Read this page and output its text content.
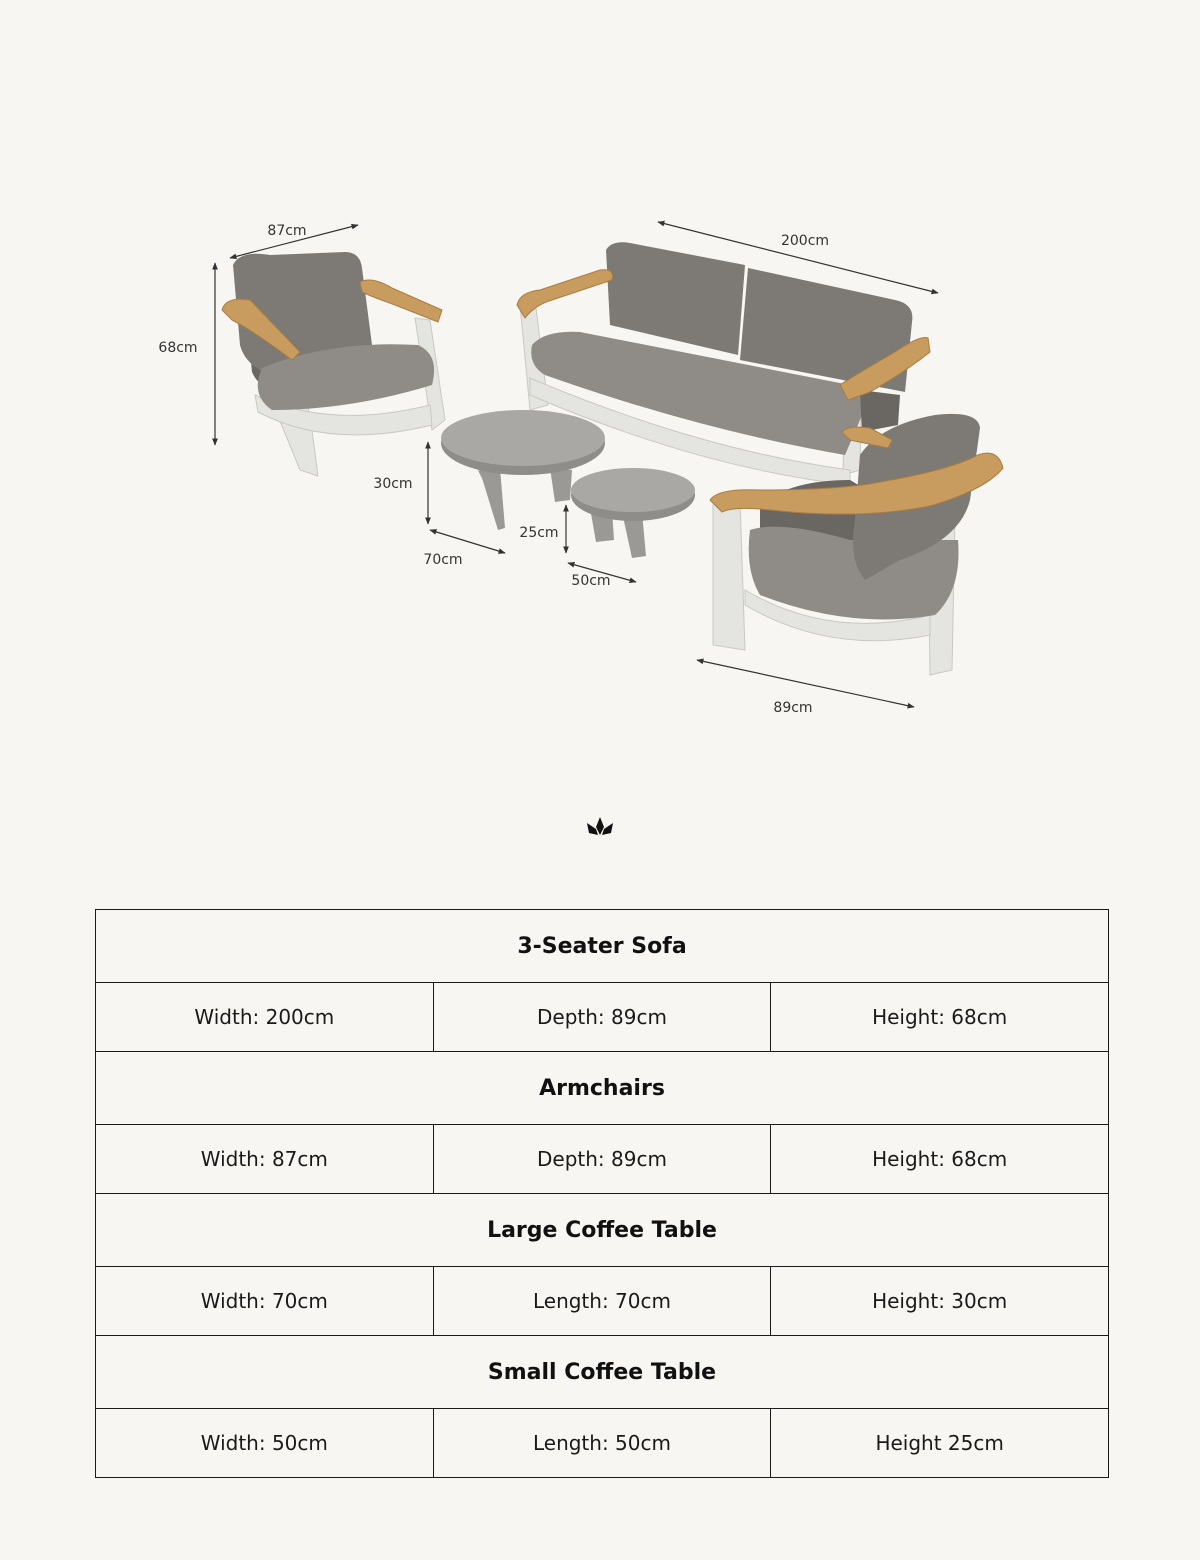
87cm
68cm
200cm
30cm
70cm
25cm
50cm
89cm
3-Seater Sofa		
Width: 200cm	Depth: 89cm	Height: 68cm
Armchairs		
Width: 87cm	Depth: 89cm	Height: 68cm
Large Coffee Table		
Width: 70cm	Length: 70cm	Height: 30cm
Small Coffee Table		
Width: 50cm	Length: 50cm	Height 25cm
